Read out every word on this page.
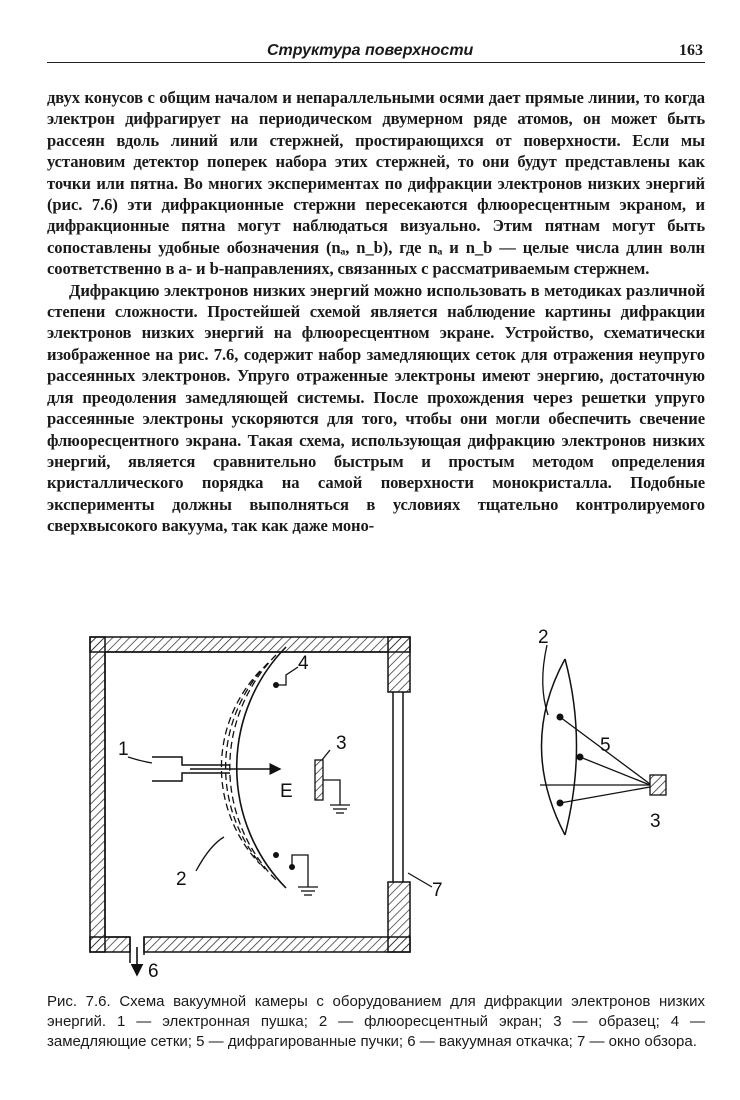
Структура поверхности	163

двух конусов с общим началом и непараллельными осями дает прямые линии, то когда электрон дифрагирует на периодическом двумерном ряде атомов, он может быть рассеян вдоль линий или стержней, простирающихся от поверхности. Если мы установим детектор поперек набора этих стержней, то они будут представлены как точки или пятна. Во многих экспериментах по дифракции электронов низких энергий (рис. 7.6) эти дифракционные стержни пересекаются флюоресцентным экраном, и дифракционные пятна могут наблюдаться визуально. Этим пятнам могут быть сопоставлены удобные обозначения (nₐ, n_b), где nₐ и n_b — целые числа длин волн соответственно в a- и b-направлениях, связанных с рассматриваемым стержнем.

Дифракцию электронов низких энергий можно использовать в методиках различной степени сложности. Простейшей схемой является наблюдение картины дифракции электронов низких энергий на флюоресцентном экране. Устройство, схематически изображенное на рис. 7.6, содержит набор замедляющих сеток для отражения неупруго рассеянных электронов. Упруго отраженные электроны имеют энергию, достаточную для преодоления замедляющей системы. После прохождения через решетки упруго рассеянные электроны ускоряются для того, чтобы они могли обеспечить свечение флюоресцентного экрана. Такая схема, использующая дифракцию электронов низких энергий, является сравнительно быстрым и простым методом определения кристаллического порядка на самой поверхности монокристалла. Подобные эксперименты должны выполняться в условиях тщательно контролируемого сверхвысокого вакуума, так как даже моно-

7
6
4
2
1
E
3
2
5
3
Рис. 7.6. Схема вакуумной камеры с оборудованием для дифракции электронов низких энергий. 1 — электронная пушка; 2 — флюоресцентный экран; 3 — образец; 4 — замедляющие сетки; 5 — дифрагированные пучки; 6 — вакуумная откачка; 7 — окно обзора.
